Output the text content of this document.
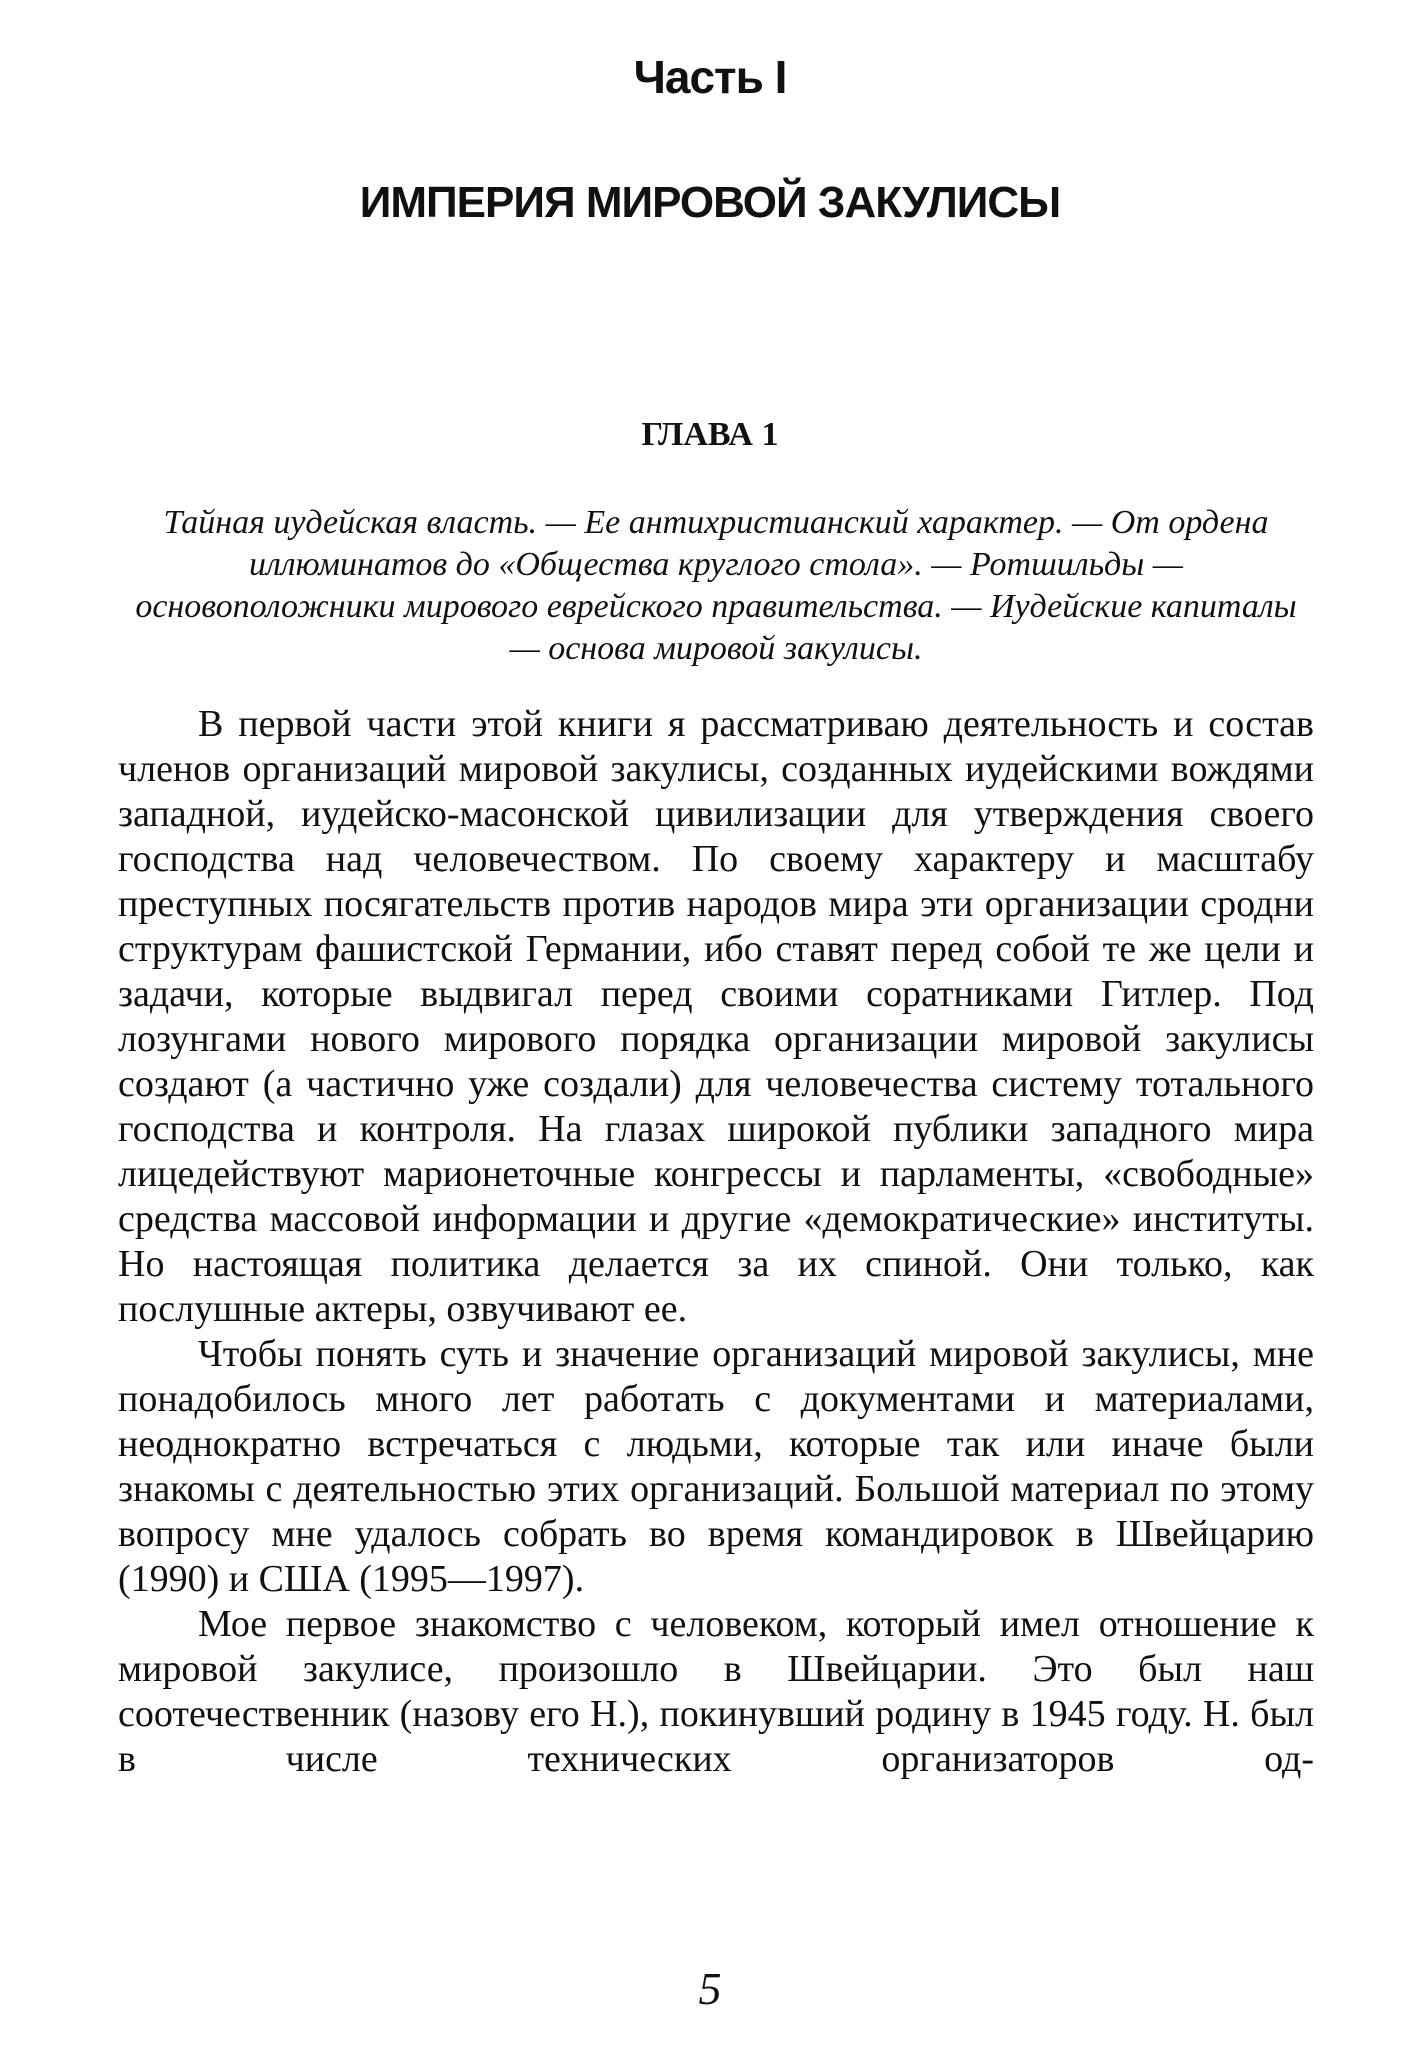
Часть I
ИМПЕРИЯ МИРОВОЙ ЗАКУЛИСЫ
ГЛАВА 1

Тайная иудейская власть. — Ее антихристианский характер. — От ордена иллюминатов до «Общества круглого стола». — Ротшильды — основоположники мирового еврейского правительства. — Иудейские капиталы — основа мировой закулисы.

В первой части этой книги я рассматриваю деятельность и состав членов организаций мировой закулисы, созданных иудейскими вождями западной, иудейско-масонской цивилизации для утверждения своего господства над человечеством. По своему характеру и масштабу преступных посягательств против народов мира эти организации сродни структурам фашистской Германии, ибо ставят перед собой те же цели и задачи, которые выдвигал перед своими соратниками Гитлер. Под лозунгами нового мирового порядка организации мировой закулисы создают (а частично уже создали) для человечества систему тотального господства и контроля. На глазах широкой публики западного мира лицедействуют марионеточные конгрессы и парламенты, «свободные» средства массовой информации и другие «демократические» институты. Но настоящая политика делается за их спиной. Они только, как послушные актеры, озвучивают ее.

Чтобы понять суть и значение организаций мировой закулисы, мне понадобилось много лет работать с документами и материалами, неоднократно встречаться с людьми, которые так или иначе были знакомы с деятельностью этих организаций. Большой материал по этому вопросу мне удалось собрать во время командировок в Швейцарию (1990) и США (1995—1997).

Мое первое знакомство с человеком, который имел отношение к мировой закулисе, произошло в Швейцарии. Это был наш соотечественник (назову его Н.), покинувший родину в 1945 году. Н. был в числе технических организаторов од-

5
